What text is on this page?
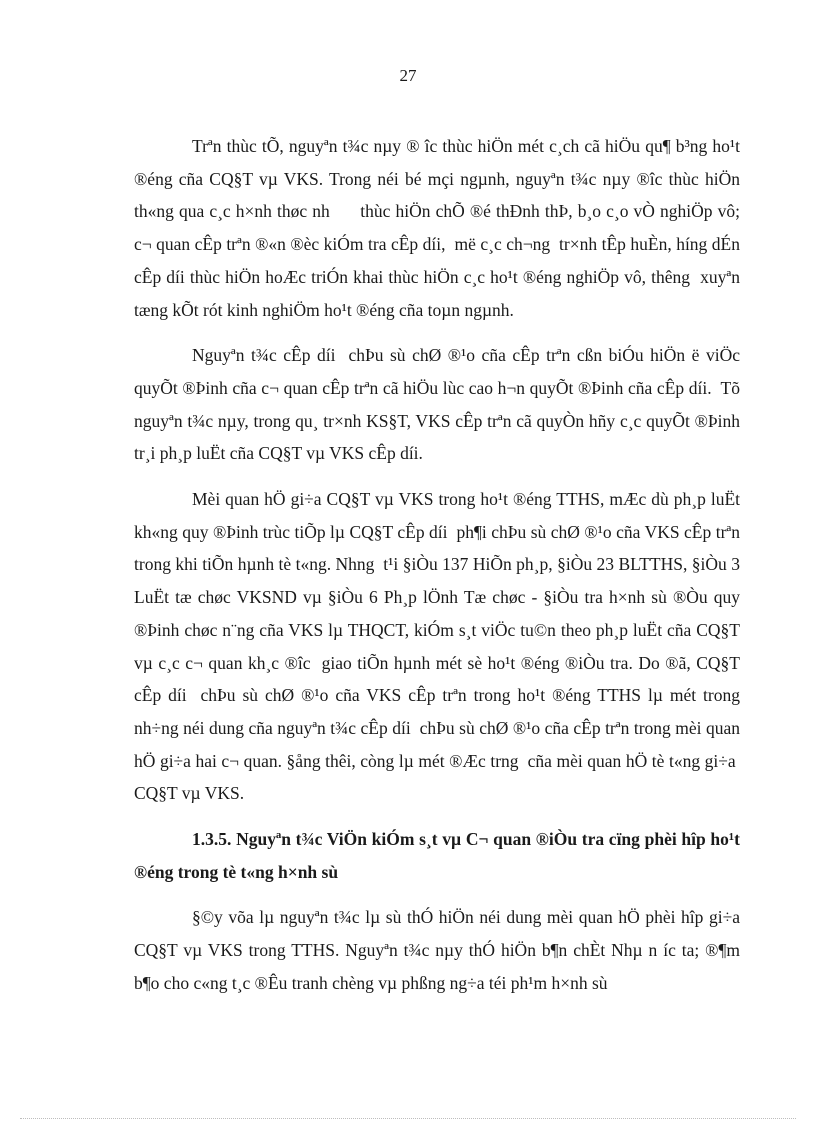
27

Trªn thùc tÕ, nguyªn t¾c nµy ® îc thùc hiÖn mét c¸ch cã hiÖu qu¶ b³ng ho¹t ®éng cña CQ§T vµ VKS. Trong néi bé mçi ngµnh, nguyªn t¾c nµy ®îc thùc hiÖn th«ng qua c¸c h×nh thøc nh      thùc hiÖn chÕ ®é thÐnh thÞ, b¸o c¸o vÒ nghiÖp vô; c¬ quan cÊp trªn ®«n ®èc kiÓm tra cÊp díi,  më c¸c ch¬ng  tr×nh tÊp huÈn, híng dÉn cÊp díi thùc hiÖn hoÆc triÓn khai thùc hiÖn c¸c ho¹t ®éng nghiÖp vô, thêng  xuyªn tæng kÕt rót kinh nghiÖm ho¹t ®éng cña toµn ngµnh.

Nguyªn t¾c cÊp díi  chÞu sù chØ ®¹o cña cÊp trªn cßn biÓu hiÖn ë viÖc quyÕt ®Þinh cña c¬ quan cÊp trªn cã hiÖu lùc cao h¬n quyÕt ®Þinh cña cÊp díi.  Tõ nguyªn t¾c nµy, trong qu¸ tr×nh KS§T, VKS cÊp trªn cã quyÒn hñy c¸c quyÕt ®Þinh tr¸i ph¸p luËt cña CQ§T vµ VKS cÊp díi.

Mèi quan hÖ gi÷a CQ§T vµ VKS trong ho¹t ®éng TTHS, mÆc dù ph¸p luËt kh«ng quy ®Þinh trùc tiÕp lµ CQ§T cÊp díi  ph¶i chÞu sù chØ ®¹o cña VKS cÊp trªn trong khi tiÕn hµnh tè t«ng. Nhng  t¹i §iÒu 137 HiÕn ph¸p, §iÒu 23 BLTTHS, §iÒu 3 LuËt tæ chøc VKSND vµ §iÒu 6 Ph¸p lÖnh Tæ chøc - §iÒu tra h×nh sù ®Òu quy ®Þinh chøc n¨ng cña VKS lµ THQCT, kiÓm s¸t viÖc tu©n theo ph¸p luËt cña CQ§T vµ c¸c c¬ quan kh¸c ®îc  giao tiÕn hµnh mét sè ho¹t ®éng ®iÒu tra. Do ®ã, CQ§T cÊp díi  chÞu sù chØ ®¹o cña VKS cÊp trªn trong ho¹t ®éng TTHS lµ mét trong nh÷ng néi dung cña nguyªn t¾c cÊp díi  chÞu sù chØ ®¹o cña cÊp trªn trong mèi quan hÖ gi÷a hai c¬ quan. §ång thêi, còng lµ mét ®Æc trng  cña mèi quan hÖ tè t«ng gi÷a  CQ§T vµ VKS.

1.3.5. Nguyªn t¾c ViÖn kiÓm s¸t vµ C¬ quan ®iÒu tra cïng phèi hîp ho¹t ®éng trong tè t«ng h×nh sù

§©y võa lµ nguyªn t¾c lµ sù thÓ hiÖn néi dung mèi quan hÖ phèi hîp gi÷a CQ§T vµ VKS trong TTHS. Nguyªn t¾c nµy thÓ hiÖn b¶n chÈt Nhµ n íc ta; ®¶m b¶o cho c«ng t¸c ®Êu tranh chèng vµ phßng ng÷a téi ph¹m h×nh sù
